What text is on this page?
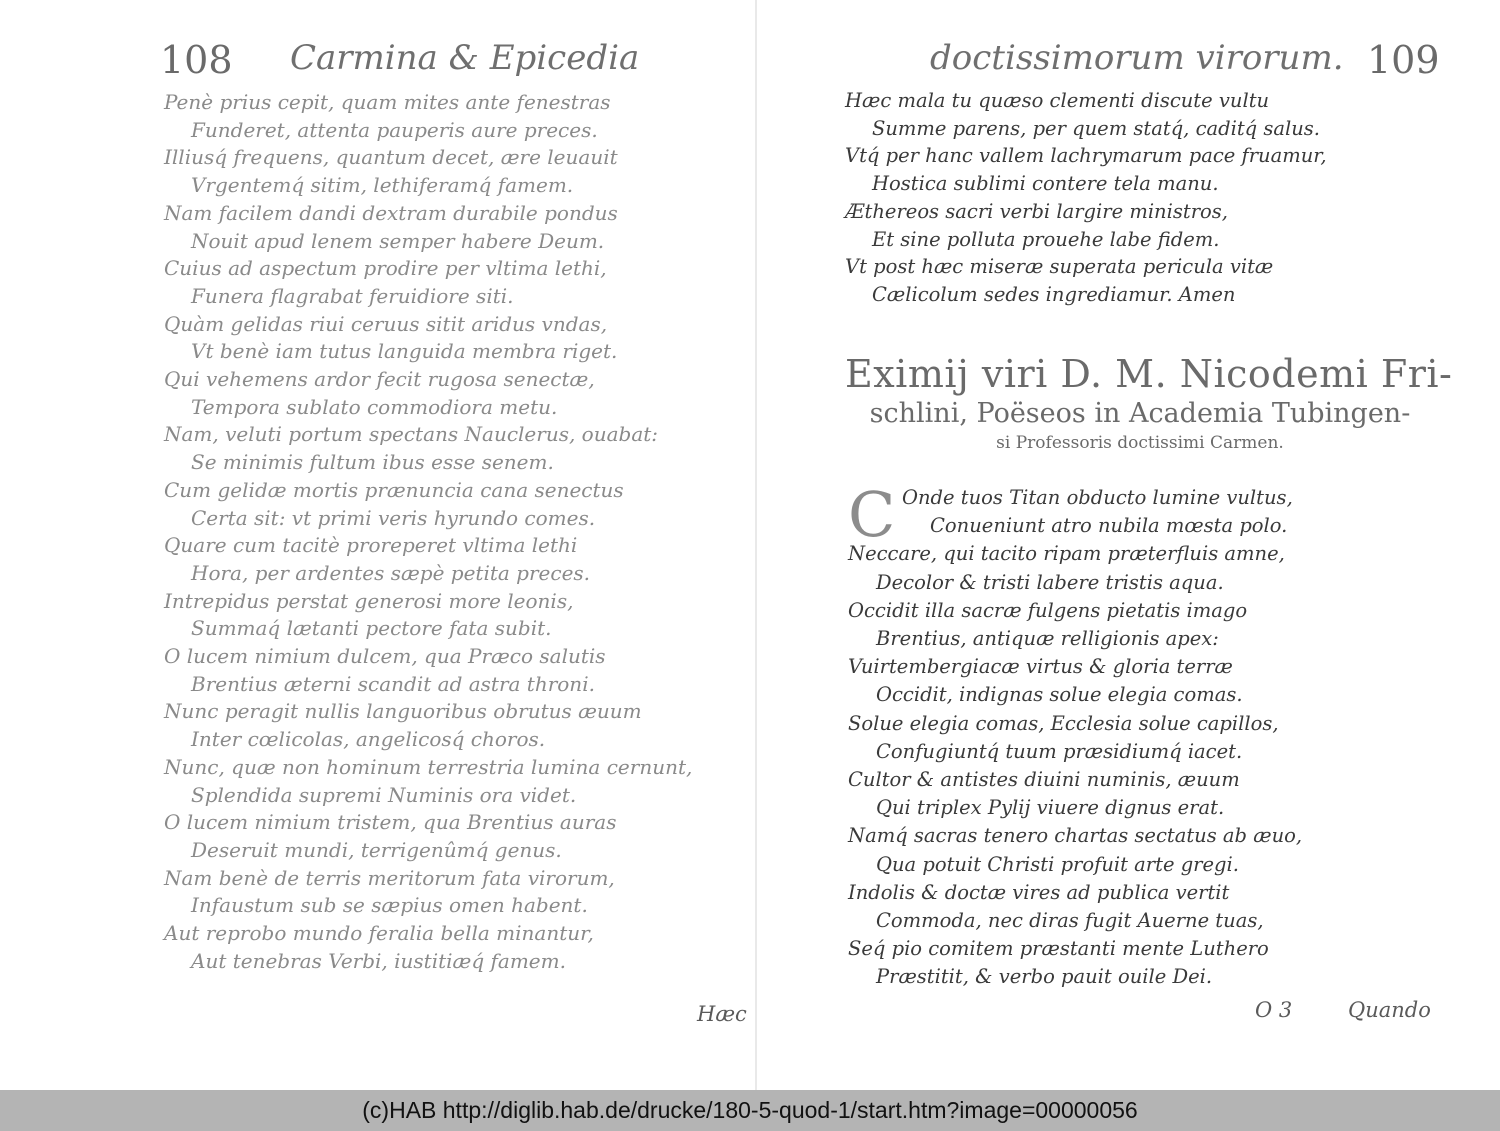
108 Carmina & Epicedia
Penè prius cepit, quam mites ante fenestras
Funderet, attenta pauperis aure preces.
Illiusq́ frequens, quantum decet, ære leuauit
Vrgentemq́ sitim, lethiferamq́ famem.
Nam facilem dandi dextram durabile pondus
Nouit apud lenem semper habere Deum.
Cuius ad aspectum prodire per vltima lethi,
Funera flagrabat feruidiore siti.
Quàm gelidas riui ceruus sitit aridus vndas,
Vt benè iam tutus languida membra riget.
Qui vehemens ardor fecit rugosa senectæ,
Tempora sublato commodiora metu.
Nam, veluti portum spectans Nauclerus, ouabat:
Se minimis fultum ibus esse senem.
Cum gelidæ mortis prænuncia cana senectus
Certa sit: vt primi veris hyrundo comes.
Quare cum tacitè proreperet vltima lethi
Hora, per ardentes sæpè petita preces.
Intrepidus perstat generosi more leonis,
Summaq́ lætanti pectore fata subit.
O lucem nimium dulcem, qua Præco salutis
Brentius æterni scandit ad astra throni.
Nunc peragit nullis languoribus obrutus æuum
Inter cœlicolas, angelicosq́ choros.
Nunc, quæ non hominum terrestria lumina cernunt,
Splendida supremi Numinis ora videt.
O lucem nimium tristem, qua Brentius auras
Deseruit mundi, terrigenûmq́ genus.
Nam benè de terris meritorum fata virorum,
Infaustum sub se sæpius omen habent.
Aut reprobo mundo feralia bella minantur,
Aut tenebras Verbi, iustitiæq́ famem.
Hæc
doctissimorum virorum. 109
Hæc mala tu quæso clementi discute vultu
Summe parens, per quem statq́, caditq́ salus.
Vtq́ per hanc vallem lachrymarum pace fruamur,
Hostica sublimi contere tela manu.
Æthereos sacri verbi largire ministros,
Et sine polluta prouehe labe fidem.
Vt post hæc miseræ superata pericula vitæ
Cælicolum sedes ingrediamur. Amen
Eximij viri D. M. Nicodemi Fri-
schlini, Poëseos in Academia Tubingen-
si Professoris doctissimi Carmen.
C Onde tuos Titan obducto lumine vultus,
Conueniunt atro nubila mœsta polo.
Neccare, qui tacito ripam præterfluis amne,
Decolor & tristi labere tristis aqua.
Occidit illa sacræ fulgens pietatis imago
Brentius, antiquæ relligionis apex:
Vuirtembergiacæ virtus & gloria terræ
Occidit, indignas solue elegia comas.
Solue elegia comas, Ecclesia solue capillos,
Confugiuntq́ tuum præsidiumq́ iacet.
Cultor & antistes diuini numinis, æuum
Qui triplex Pylij viuere dignus erat.
Namq́ sacras tenero chartas sectatus ab æuo,
Qua potuit Christi profuit arte gregi.
Indolis & doctæ vires ad publica vertit
Commoda, nec diras fugit Auerne tuas,
Seq́ pio comitem præstanti mente Luthero
Præstitit, & verbo pauit ouile Dei.
O 3	Quando
(c)HAB http://diglib.hab.de/drucke/180-5-quod-1/start.htm?image=00000056
